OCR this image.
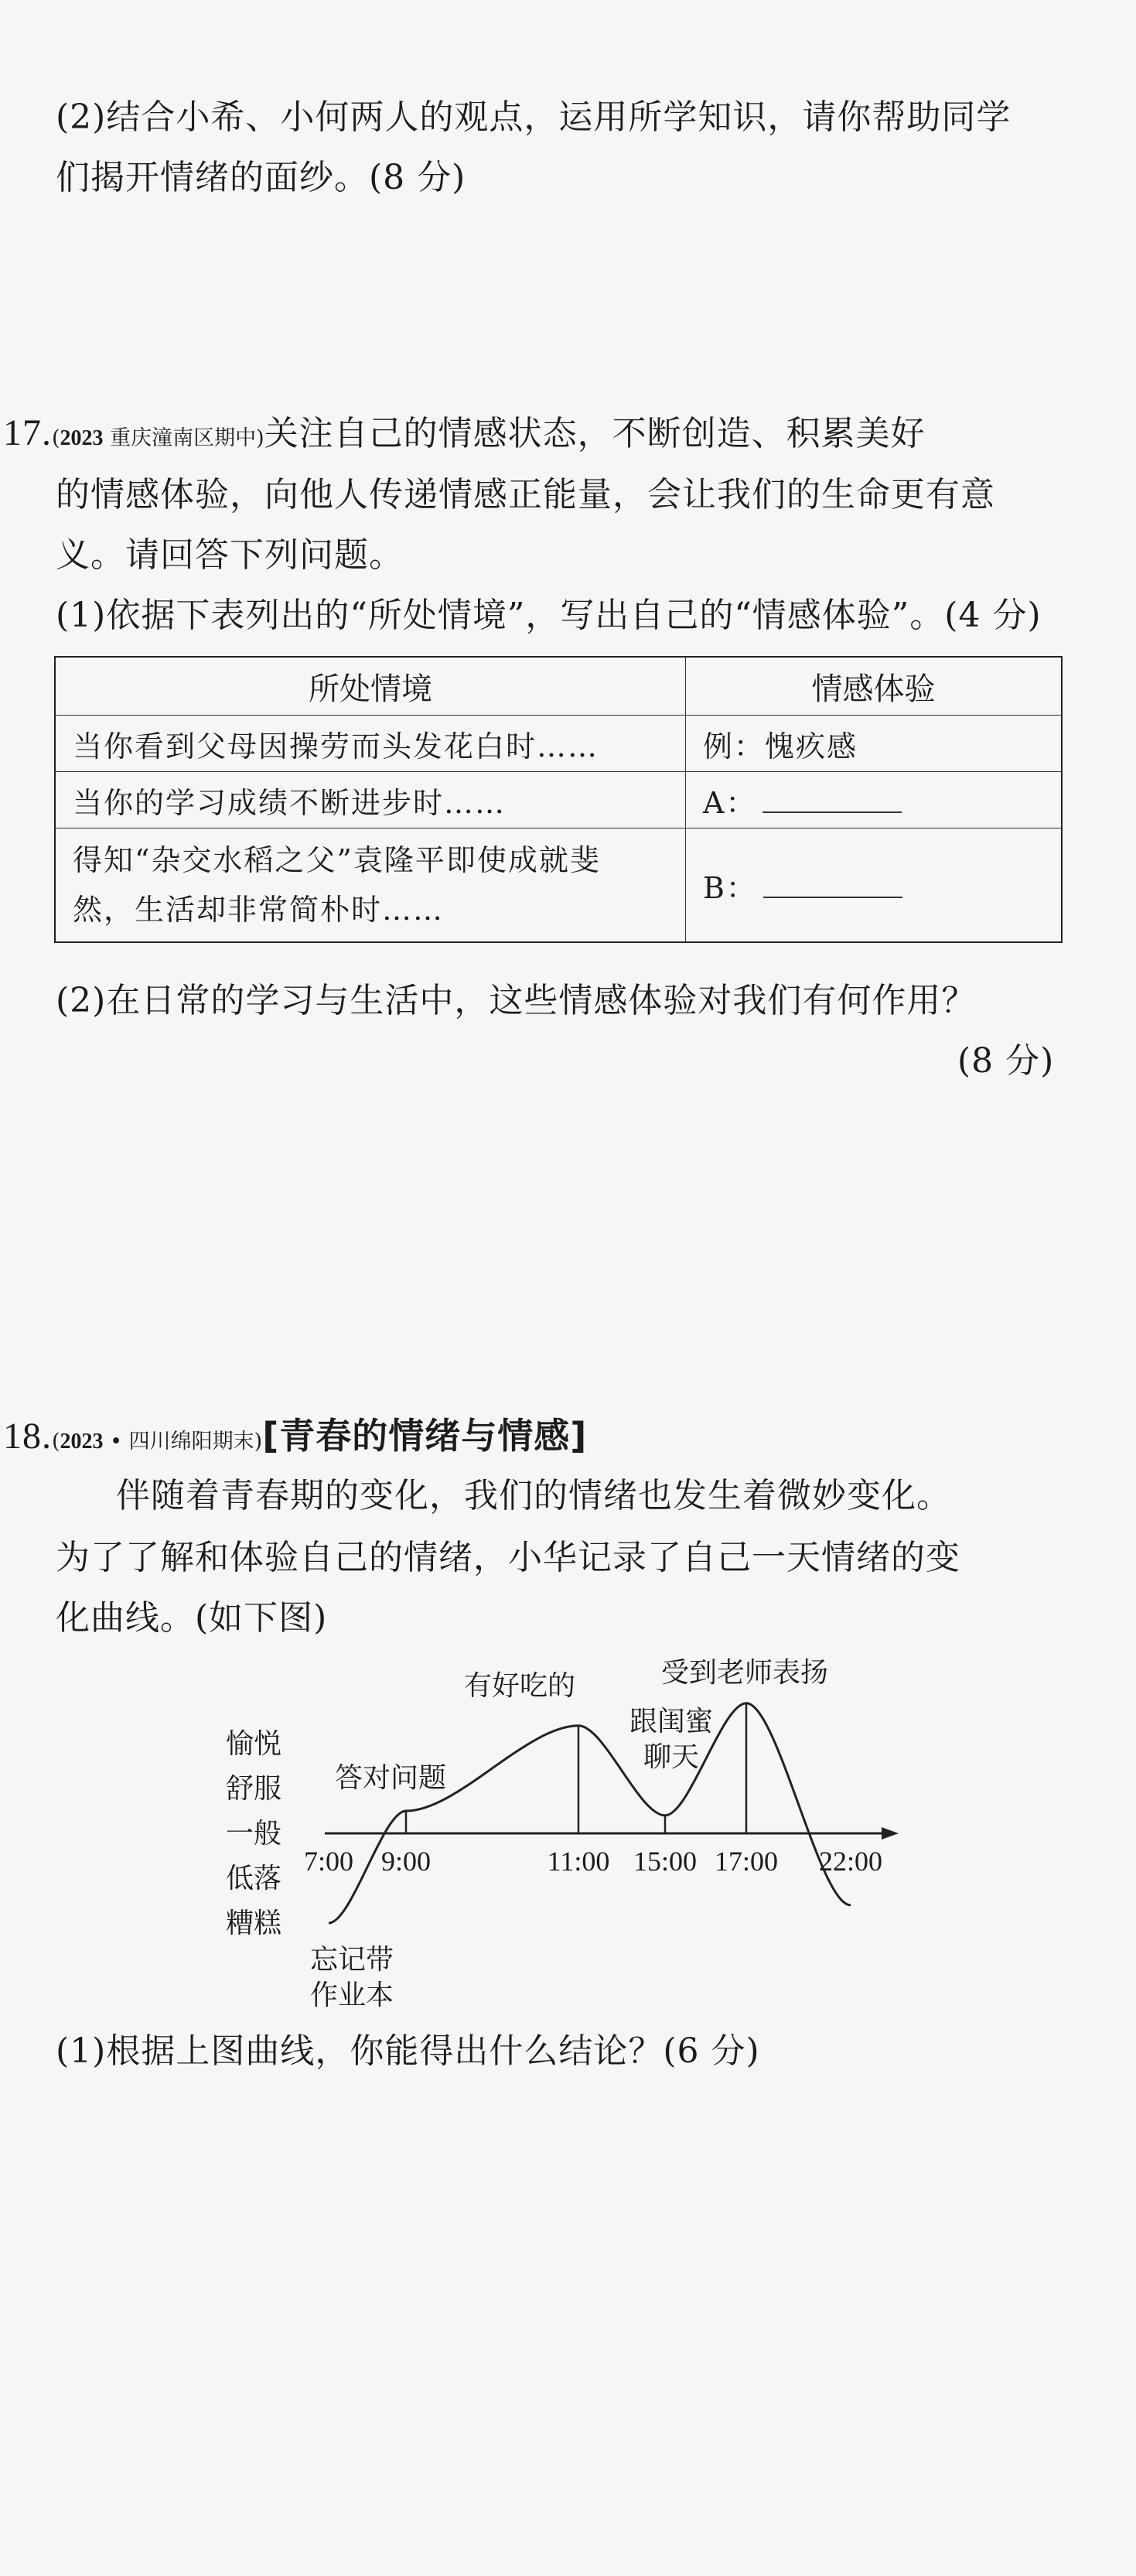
(2)结合小希、小何两人的观点，运用所学知识，请你帮助同学
们揭开情绪的面纱。(8 分)
17.(2023 重庆潼南区期中)关注自己的情感状态，不断创造、积累美好
的情感体验，向他人传递情感正能量，会让我们的生命更有意
义。请回答下列问题。
(1)依据下表列出的“所处情境”，写出自己的“情感体验”。(4 分)
所处情境	情感体验
当你看到父母因操劳而头发花白时……	例：愧疚感
当你的学习成绩不断进步时……	A：
得知“杂交水稻之父”袁隆平即使成就斐
然，生活却非常简朴时……	B：
(2)在日常的学习与生活中，这些情感体验对我们有何作用？
(8 分)
18.(2023 • 四川绵阳期末)[青春的情绪与情感]
伴随着青春期的变化，我们的情绪也发生着微妙变化。
为了了解和体验自己的情绪，小华记录了自己一天情绪的变
化曲线。(如下图)
糟糕
低落
一般
舒服
愉悦
7:00 9:00	11:00 15:00 17:00 22:00
忘记带
作业本
答对问题
有好吃的
跟闺蜜
聊天
受到老师表扬
(1)根据上图曲线，你能得出什么结论？(6 分)
